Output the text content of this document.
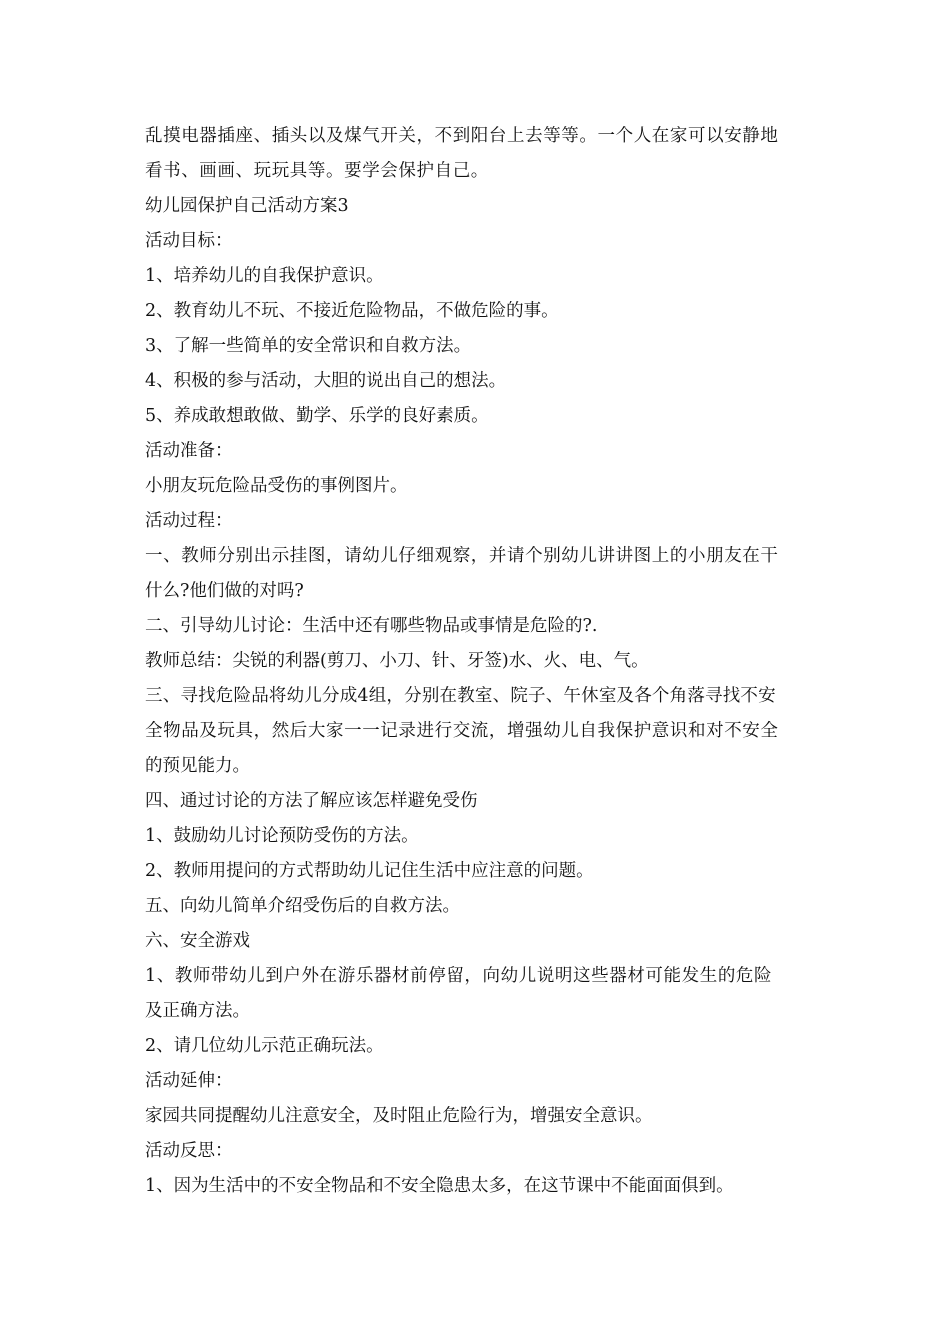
乱摸电器插座、插头以及煤气开关，不到阳台上去等等。一个人在家可以安静地
看书、画画、玩玩具等。要学会保护自己。
幼儿园保护自己活动方案3
活动目标：
1、培养幼儿的自我保护意识。
2、教育幼儿不玩、不接近危险物品，不做危险的事。
3、了解一些简单的安全常识和自救方法。
4、积极的参与活动，大胆的说出自己的想法。
5、养成敢想敢做、勤学、乐学的良好素质。
活动准备：
小朋友玩危险品受伤的事例图片。
活动过程：
一、教师分别出示挂图，请幼儿仔细观察，并请个别幼儿讲讲图上的小朋友在干
什么?他们做的对吗?
二、引导幼儿讨论：生活中还有哪些物品或事情是危险的?.
教师总结：尖锐的利器(剪刀、小刀、针、牙签)水、火、电、气。
三、寻找危险品将幼儿分成4组，分别在教室、院子、午休室及各个角落寻找不安
全物品及玩具，然后大家一一记录进行交流，增强幼儿自我保护意识和对不安全
的预见能力。
四、通过讨论的方法了解应该怎样避免受伤
1、鼓励幼儿讨论预防受伤的方法。
2、教师用提问的方式帮助幼儿记住生活中应注意的问题。
五、向幼儿简单介绍受伤后的自救方法。
六、安全游戏
1、教师带幼儿到户外在游乐器材前停留，向幼儿说明这些器材可能发生的危险
及正确方法。
2、请几位幼儿示范正确玩法。
活动延伸：
家园共同提醒幼儿注意安全，及时阻止危险行为，增强安全意识。
活动反思：
1、因为生活中的不安全物品和不安全隐患太多，在这节课中不能面面俱到。
